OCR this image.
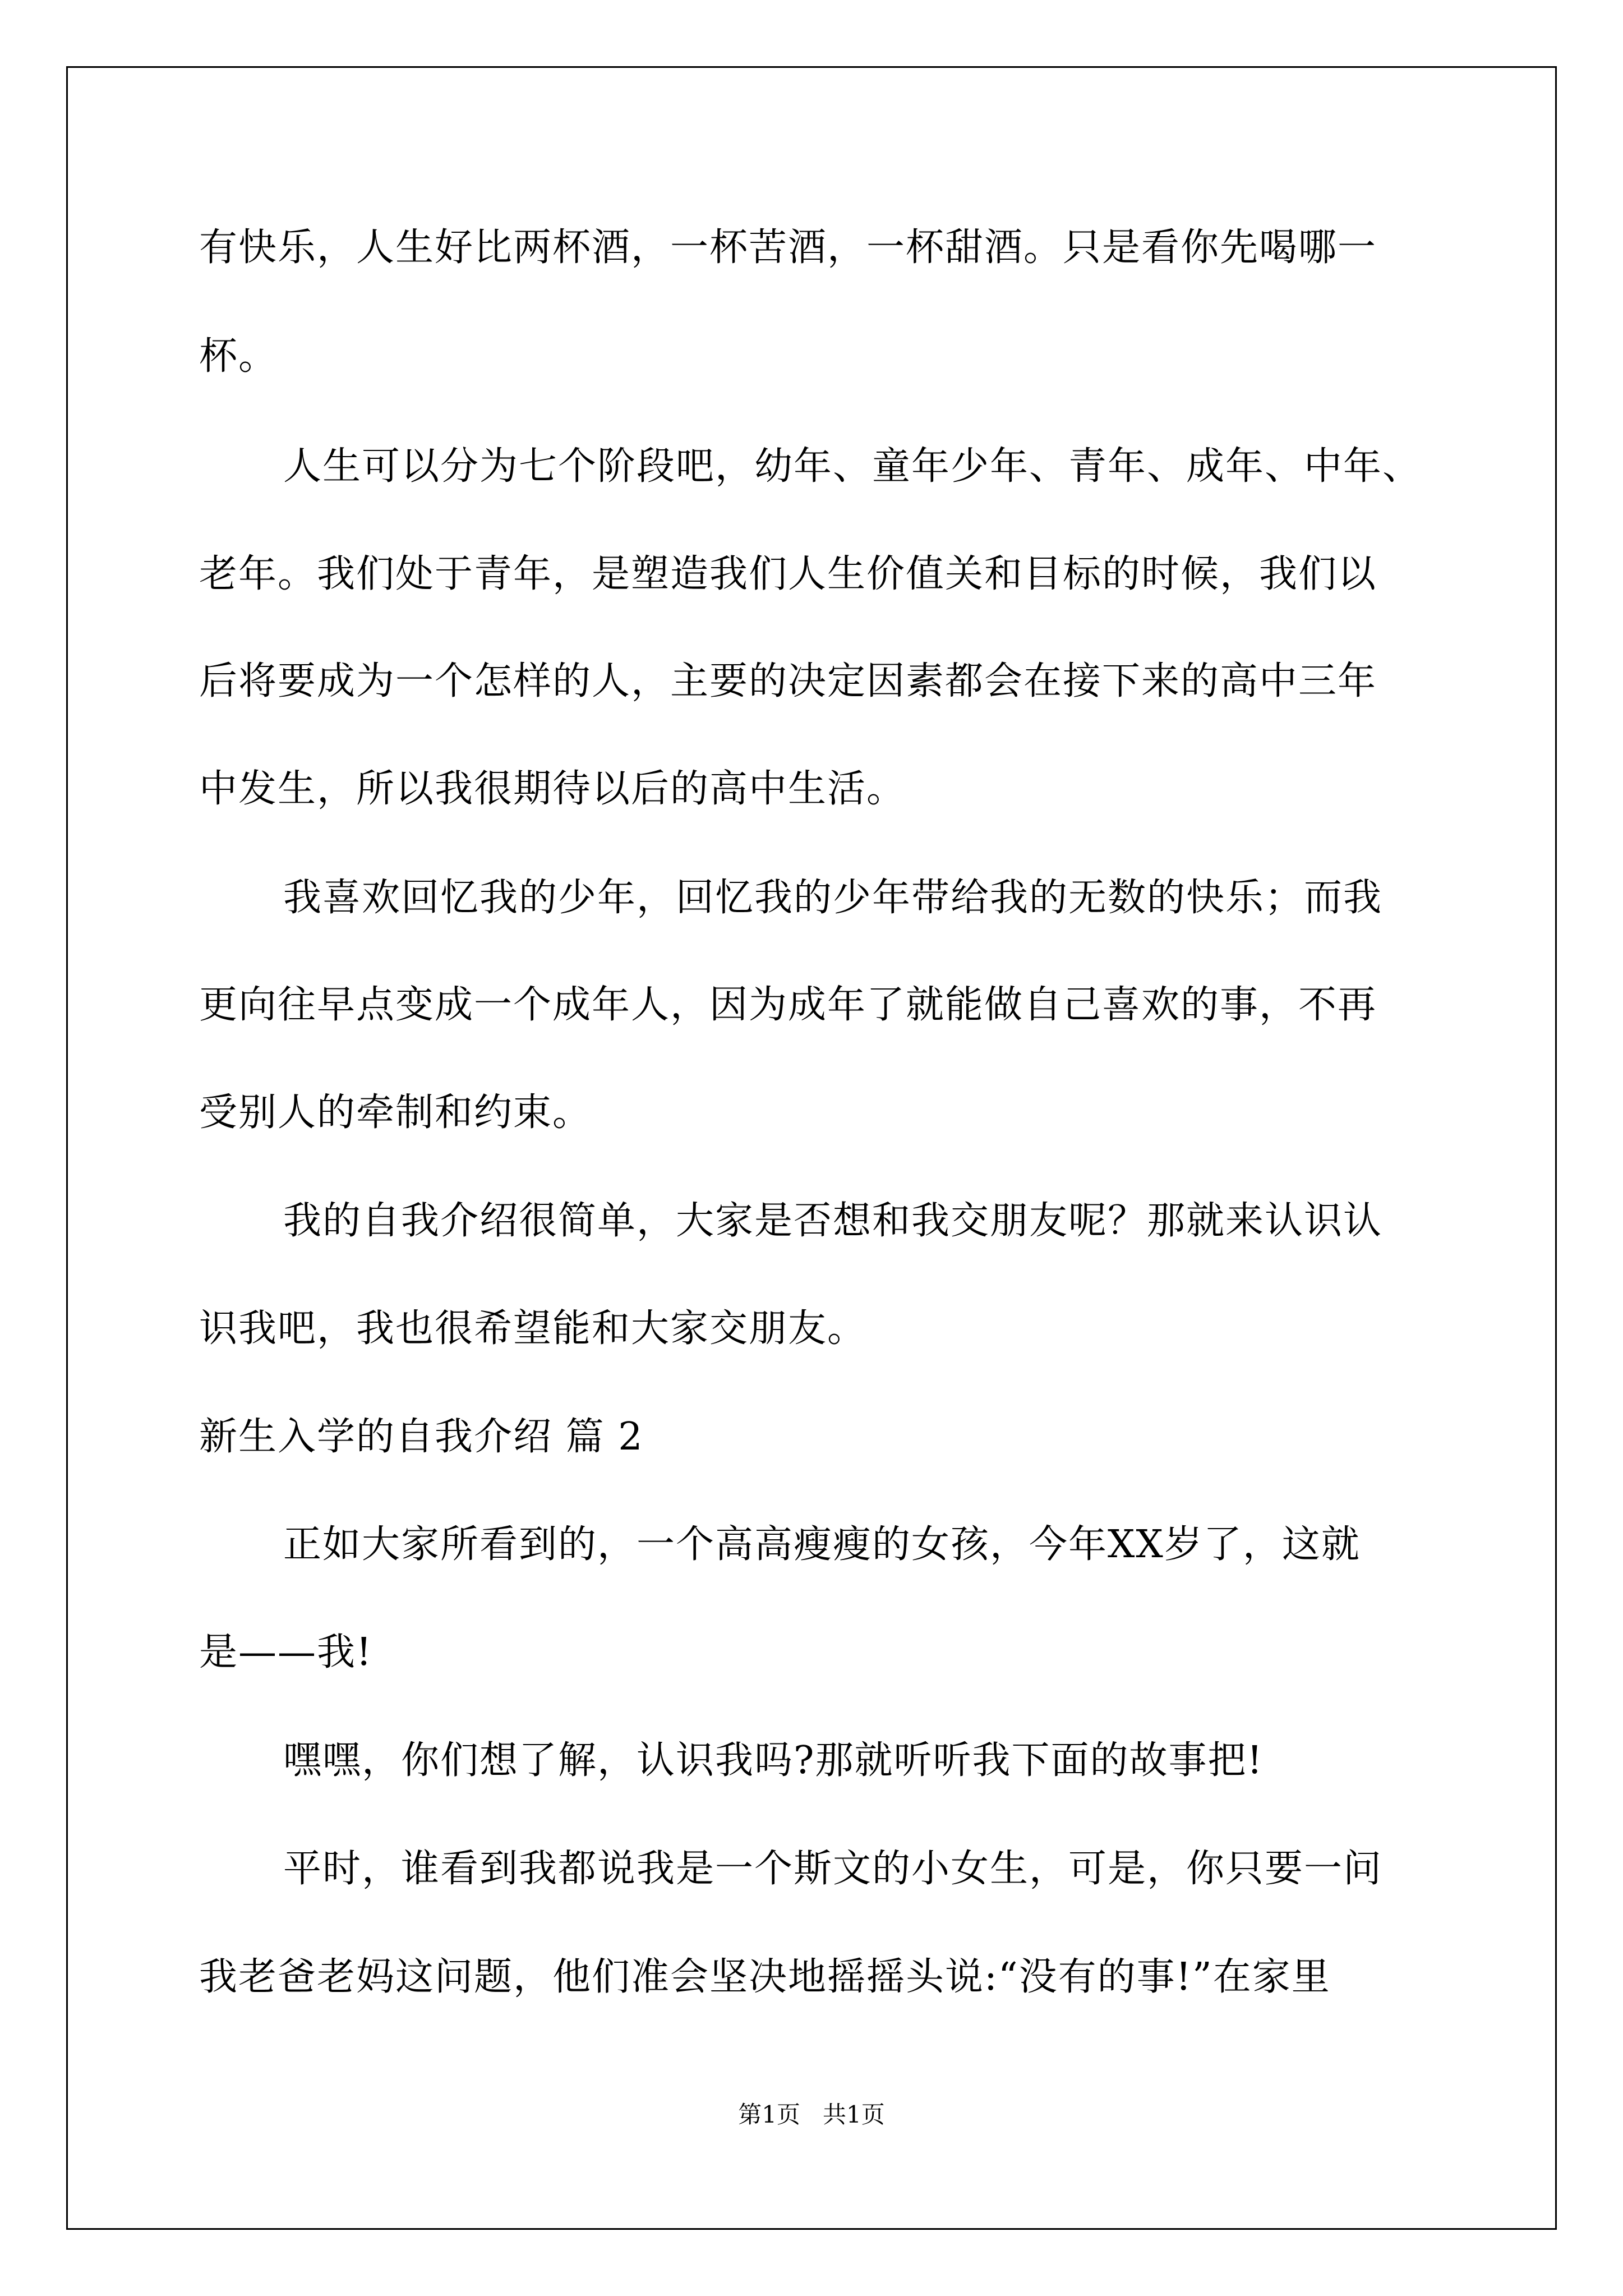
有快乐，人生好比两杯酒，一杯苦酒，一杯甜酒。只是看你先喝哪一
杯。
人生可以分为七个阶段吧，幼年、童年少年、青年、成年、中年、
老年。我们处于青年，是塑造我们人生价值关和目标的时候，我们以
后将要成为一个怎样的人，主要的决定因素都会在接下来的高中三年
中发生，所以我很期待以后的高中生活。
我喜欢回忆我的少年，回忆我的少年带给我的无数的快乐；而我
更向往早点变成一个成年人，因为成年了就能做自己喜欢的事，不再
受别人的牵制和约束。
我的自我介绍很简单，大家是否想和我交朋友呢？那就来认识认
识我吧，我也很希望能和大家交朋友。
新生入学的自我介绍 篇 2
正如大家所看到的，一个高高瘦瘦的女孩，今年XX岁了，这就
是——我!
嘿嘿，你们想了解，认识我吗?那就听听我下面的故事把!
平时，谁看到我都说我是一个斯文的小女生，可是，你只要一问
我老爸老妈这问题，他们准会坚决地摇摇头说:“没有的事!”在家里
第1页   共1页
